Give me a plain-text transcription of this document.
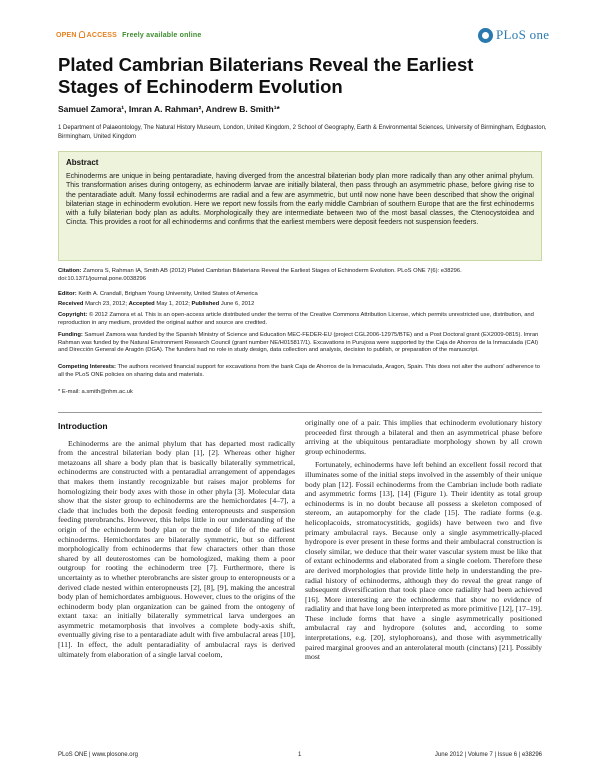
OPEN ACCESS Freely available online	PLoS one
Plated Cambrian Bilaterians Reveal the Earliest Stages of Echinoderm Evolution
Samuel Zamora¹, Imran A. Rahman², Andrew B. Smith¹*
1 Department of Palaeontology, The Natural History Museum, London, United Kingdom, 2 School of Geography, Earth & Environmental Sciences, University of Birmingham, Edgbaston, Birmingham, United Kingdom
Abstract

Echinoderms are unique in being pentaradiate, having diverged from the ancestral bilaterian body plan more radically than any other animal phylum. This transformation arises during ontogeny, as echinoderm larvae are initially bilateral, then pass through an asymmetric phase, before giving rise to the pentaradiate adult. Many fossil echinoderms are radial and a few are asymmetric, but until now none have been described that show the original bilaterian stage in echinoderm evolution. Here we report new fossils from the early middle Cambrian of southern Europe that are the first echinoderms with a fully bilaterian body plan as adults. Morphologically they are intermediate between two of the most basal classes, the Ctenocystoidea and Cincta. This provides a root for all echinoderms and confirms that the earliest members were deposit feeders not suspension feeders.

Citation: Zamora S, Rahman IA, Smith AB (2012) Plated Cambrian Bilaterians Reveal the Earliest Stages of Echinoderm Evolution. PLoS ONE 7(6): e38296. doi:10.1371/journal.pone.0038296
Editor: Keith A. Crandall, Brigham Young University, United States of America
Received March 23, 2012; Accepted May 1, 2012; Published June 6, 2012
Copyright: © 2012 Zamora et al. This is an open-access article distributed under the terms of the Creative Commons Attribution License, which permits unrestricted use, distribution, and reproduction in any medium, provided the original author and source are credited.
Funding: Samuel Zamora was funded by the Spanish Ministry of Science and Education MEC-FEDER-EU (project CGL2006-12975/BTE) and a Post Doctoral grant (EX2009-0815). Imran Rahman was funded by the Natural Environment Research Council (grant number NE/H015817/1). Excavations in Purujosa were supported by the Caja de Ahorros de la Inmaculada (CAI) and Dirección General de Aragón (DGA). The funders had no role in study design, data collection and analysis, decision to publish, or preparation of the manuscript.
Competing Interests: The authors received financial support for excavations from the bank Caja de Ahorros de la Inmaculada, Aragon, Spain. This does not alter the authors' adherence to all the PLoS ONE policies on sharing data and materials.
* E-mail: a.smith@nhm.ac.uk
Introduction

Echinoderms are the animal phylum that has departed most radically from the ancestral bilaterian body plan [1], [2]. Whereas other higher metazoans all share a body plan that is basically bilaterally symmetrical, echinoderms are constructed with a pentaradial arrangement of appendages that makes them instantly recognizable but raises major problems for homologizing their body axes with those in other phyla [3]. Molecular data show that the sister group to echinoderms are the hemichordates [4–7], a clade that includes both the deposit feeding enteropneusts and suspension feeding pterobranchs. However, this helps little in our understanding of the origin of the echinoderm body plan or the mode of life of the earliest echinoderms. Hemichordates are bilaterally symmetric, but so different morphologically from echinoderms that few characters other than those shared by all deuterostomes can be homologized, making them a poor outgroup for rooting the echinoderm tree [7]. Furthermore, there is uncertainty as to whether pterobranchs are sister group to enteropneusts or a derived clade nested within enteropneusts [2], [8], [9], making the ancestral body plan of hemichordates ambiguous. However, clues to the origins of the echinoderm body plan organization can be gained from the ontogeny of extant taxa: an initially bilaterally symmetrical larva undergoes an asymmetric metamorphosis that involves a complete body-axis shift, eventually giving rise to a pentaradiate adult with five ambulacral areas [10], [11]. In effect, the adult pentaradiality of ambulacral rays is derived ultimately from elaboration of a single larval coelom,

originally one of a pair. This implies that echinoderm evolutionary history proceeded first through a bilateral and then an asymmetrical phase before arriving at the ubiquitous pentaradiate morphology shown by all crown group echinoderms.

Fortunately, echinoderms have left behind an excellent fossil record that illuminates some of the initial steps involved in the assembly of their unique body plan [12]. Fossil echinoderms from the Cambrian include both radiate and asymmetric forms [13], [14] (Figure 1). Their identity as total group echinoderms is in no doubt because all possess a skeleton composed of stereom, an autapomorphy for the clade [15]. The radiate forms (e.g. helicoplacoids, stromatocystitids, gogiids) have between two and five primary ambulacral rays. Because only a single asymmetrically-placed hydropore is ever present in these forms and their ambulacral construction is closely similar, we deduce that their water vascular system must be like that of extant echinoderms and elaborated from a single coelom. Therefore these are derived morphologies that provide little help in understanding the pre-radial history of echinoderms, although they do reveal the great range of subsequent diversification that took place once radiality had been achieved [16]. More interesting are the echinoderms that show no evidence of radiality and that have long been interpreted as more primitive [12], [17–19]. These include forms that have a single asymmetrically positioned ambulacral ray and hydropore (solutes and, according to some interpretations, e.g. [20], stylophoroans), and those with asymmetrically paired marginal grooves and an anterolateral mouth (cinctans) [21]. Possibly most

PLoS ONE | www.plosone.org	1	June 2012 | Volume 7 | Issue 6 | e38296
